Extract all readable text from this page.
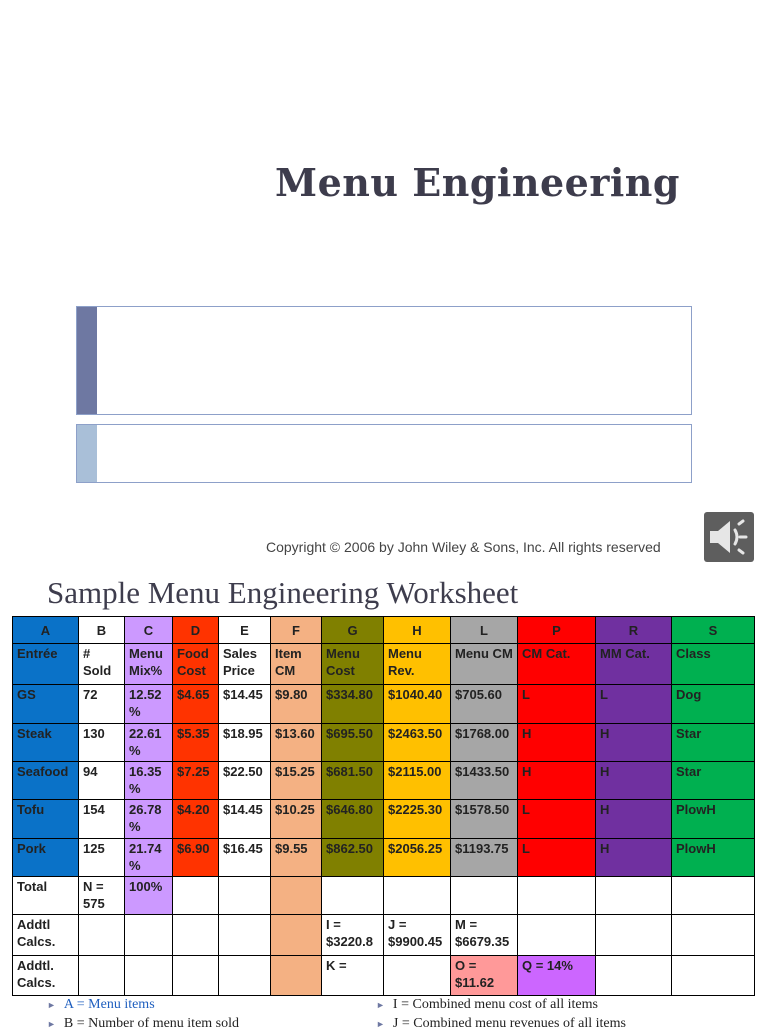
Menu Engineering
Copyright © 2006 by John Wiley & Sons, Inc. All rights reserved
Sample Menu Engineering Worksheet
A	B	C	D	E	F	G	H	L	P	R	S
Entrée	# Sold	Menu Mix%	Food Cost	Sales Price	Item CM	Menu Cost	Menu Rev.	Menu CM	CM Cat.	MM Cat.	Class
GS	72	12.52 %	$4.65	$14.45	$9.80	$334.80	$1040.40	$705.60	L	L	Dog
Steak	130	22.61 %	$5.35	$18.95	$13.60	$695.50	$2463.50	$1768.00	H	H	Star
Seafood	94	16.35 %	$7.25	$22.50	$15.25	$681.50	$2115.00	$1433.50	H	H	Star
Tofu	154	26.78 %	$4.20	$14.45	$10.25	$646.80	$2225.30	$1578.50	L	H	PlowH
Pork	125	21.74 %	$6.90	$16.45	$9.55	$862.50	$2056.25	$1193.75	L	H	PlowH
Total	N = 575	100%									
Addtl Calcs.						I = $3220.8	J = $9900.45	M = $6679.35			
Addtl. Calcs.						K =		O = $11.62	Q = 14%		
► A = Menu items
► B = Number of menu item sold
► I = Combined menu cost of all items
► J = Combined menu revenues of all items
